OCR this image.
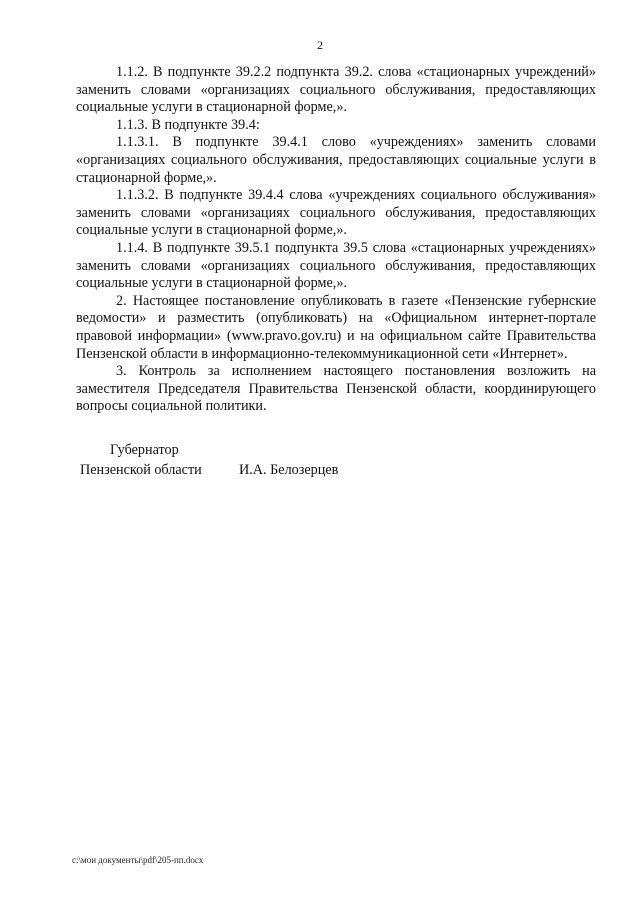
2

1.1.2. В подпункте 39.2.2 подпункта 39.2. слова «стационарных учреждений» заменить словами «организациях социального обслуживания, предоставляющих социальные услуги в стационарной форме,».

1.1.3. В подпункте 39.4:

1.1.3.1. В подпункте 39.4.1 слово «учреждениях» заменить словами «организациях социального обслуживания, предоставляющих социальные услуги в стационарной форме,».

1.1.3.2. В подпункте 39.4.4 слова «учреждениях социального обслуживания» заменить словами «организациях социального обслуживания, предоставляющих социальные услуги в стационарной форме,».

1.1.4. В подпункте 39.5.1 подпункта 39.5 слова «стационарных учреждениях» заменить словами «организациях социального обслуживания, предоставляющих социальные услуги в стационарной форме,».

2. Настоящее постановление опубликовать в газете «Пензенские губернские ведомости» и разместить (опубликовать) на «Официальном интернет-портале правовой информации» (www.pravo.gov.ru) и на официальном сайте Правительства Пензенской области в информационно-телекоммуникационной сети «Интернет».

3. Контроль за исполнением настоящего постановления возложить на заместителя Председателя Правительства Пензенской области, координирующего вопросы социальной политики.

Губернатор
Пензенской области	И.А. Белозерцев
c:\мои документы\pdf\205-пп.docx
